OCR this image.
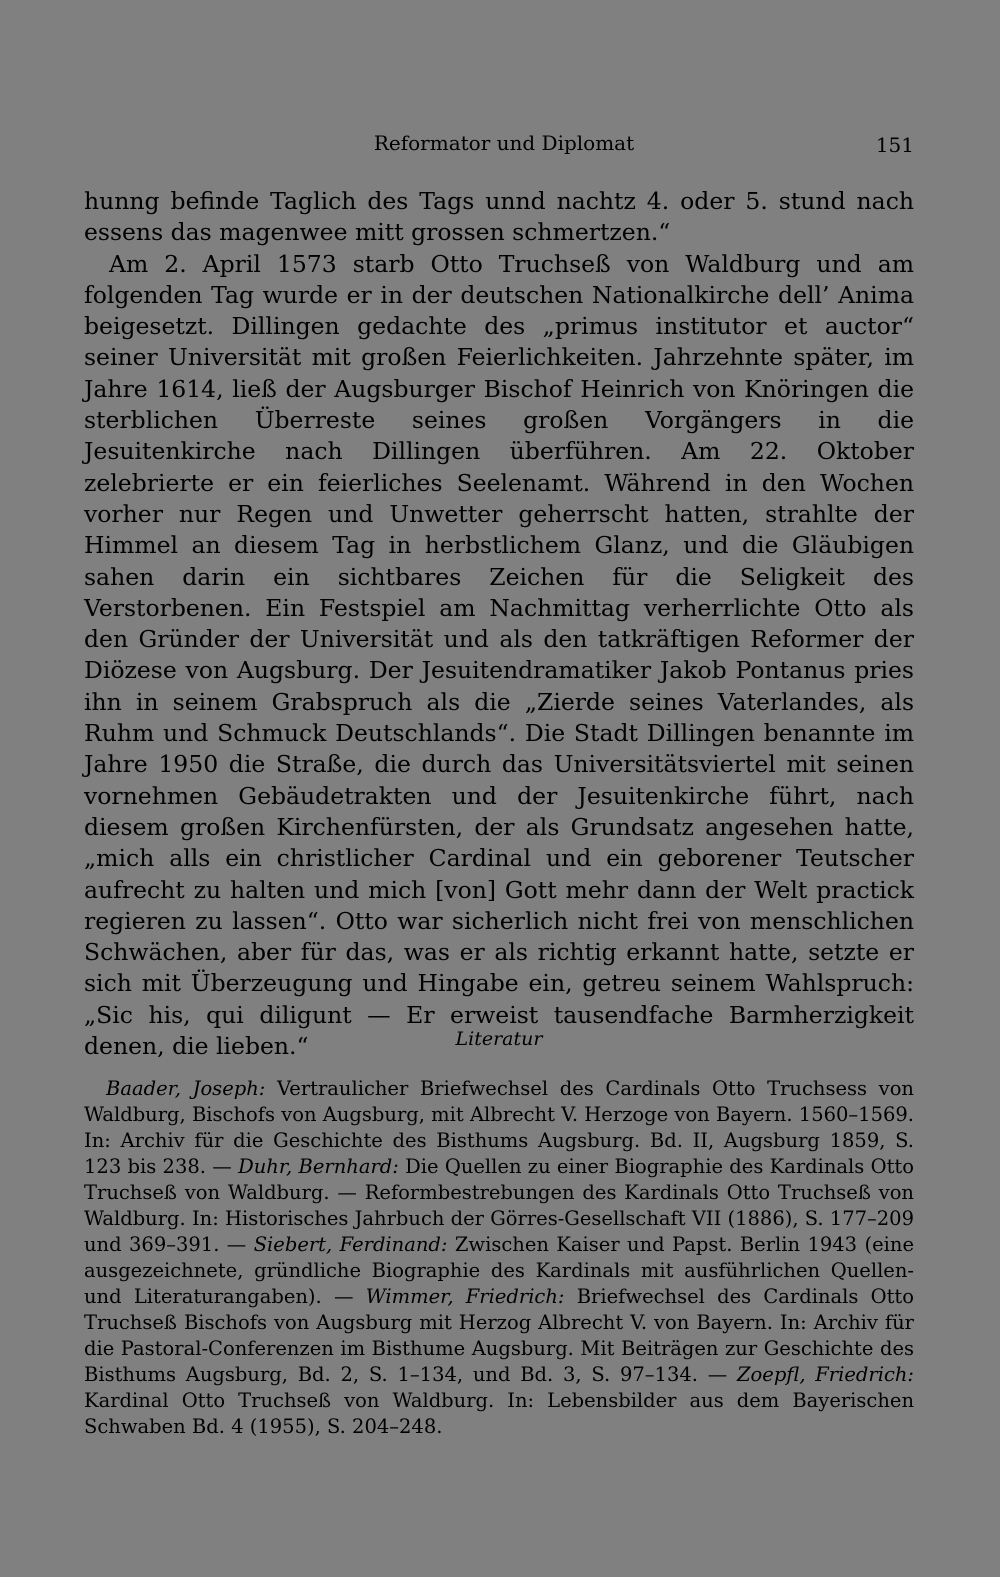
Reformator und Diplomat	151

hunng befinde Taglich des Tags unnd nachtz 4. oder 5. stund nach essens das magenwee mitt grossen schmertzen.“

Am 2. April 1573 starb Otto Truchseß von Waldburg und am folgenden Tag wurde er in der deutschen Nationalkirche dell’ Anima beigesetzt. Dillingen gedachte des „primus institutor et auctor“ seiner Universität mit großen Feierlichkeiten. Jahrzehnte später, im Jahre 1614, ließ der Augsburger Bischof Heinrich von Knöringen die sterblichen Überreste seines großen Vorgängers in die Jesuitenkirche nach Dillingen überführen. Am 22. Oktober zelebrierte er ein feierliches Seelenamt. Während in den Wochen vorher nur Regen und Unwetter geherrscht hatten, strahlte der Himmel an diesem Tag in herbstlichem Glanz, und die Gläubigen sahen darin ein sichtbares Zeichen für die Seligkeit des Verstorbenen. Ein Festspiel am Nachmittag verherrlichte Otto als den Gründer der Universität und als den tatkräftigen Reformer der Diözese von Augsburg. Der Jesuitendramatiker Jakob Pontanus pries ihn in seinem Grabspruch als die „Zierde seines Vaterlandes, als Ruhm und Schmuck Deutschlands“. Die Stadt Dillingen benannte im Jahre 1950 die Straße, die durch das Universitätsviertel mit seinen vornehmen Gebäudetrakten und der Jesuitenkirche führt, nach diesem großen Kirchenfürsten, der als Grundsatz angesehen hatte, „mich alls ein christlicher Cardinal und ein geborener Teutscher aufrecht zu halten und mich [von] Gott mehr dann der Welt practick regieren zu lassen“. Otto war sicherlich nicht frei von menschlichen Schwächen, aber für das, was er als richtig erkannt hatte, setzte er sich mit Überzeugung und Hingabe ein, getreu seinem Wahlspruch: „Sic his, qui diligunt — Er erweist tausendfache Barmherzigkeit denen, die lieben.“	Literatur

Baader, Joseph: Vertraulicher Briefwechsel des Cardinals Otto Truchsess von Waldburg, Bischofs von Augsburg, mit Albrecht V. Herzoge von Bayern. 1560–1569. In: Archiv für die Geschichte des Bisthums Augsburg. Bd. II, Augsburg 1859, S. 123 bis 238. — Duhr, Bernhard: Die Quellen zu einer Biographie des Kardinals Otto Truchseß von Waldburg. — Reformbestrebungen des Kardinals Otto Truchseß von Waldburg. In: Historisches Jahrbuch der Görres-Gesellschaft VII (1886), S. 177–209 und 369–391. — Siebert, Ferdinand: Zwischen Kaiser und Papst. Berlin 1943 (eine ausgezeichnete, gründliche Biographie des Kardinals mit ausführlichen Quellen- und Literaturangaben). — Wimmer, Friedrich: Briefwechsel des Cardinals Otto Truchseß Bischofs von Augsburg mit Herzog Albrecht V. von Bayern. In: Archiv für die Pastoral-Conferenzen im Bisthume Augsburg. Mit Beiträgen zur Geschichte des Bisthums Augsburg, Bd. 2, S. 1–134, und Bd. 3, S. 97–134. — Zoepfl, Friedrich: Kardinal Otto Truchseß von Waldburg. In: Lebensbilder aus dem Bayerischen Schwaben Bd. 4 (1955), S. 204–248.
